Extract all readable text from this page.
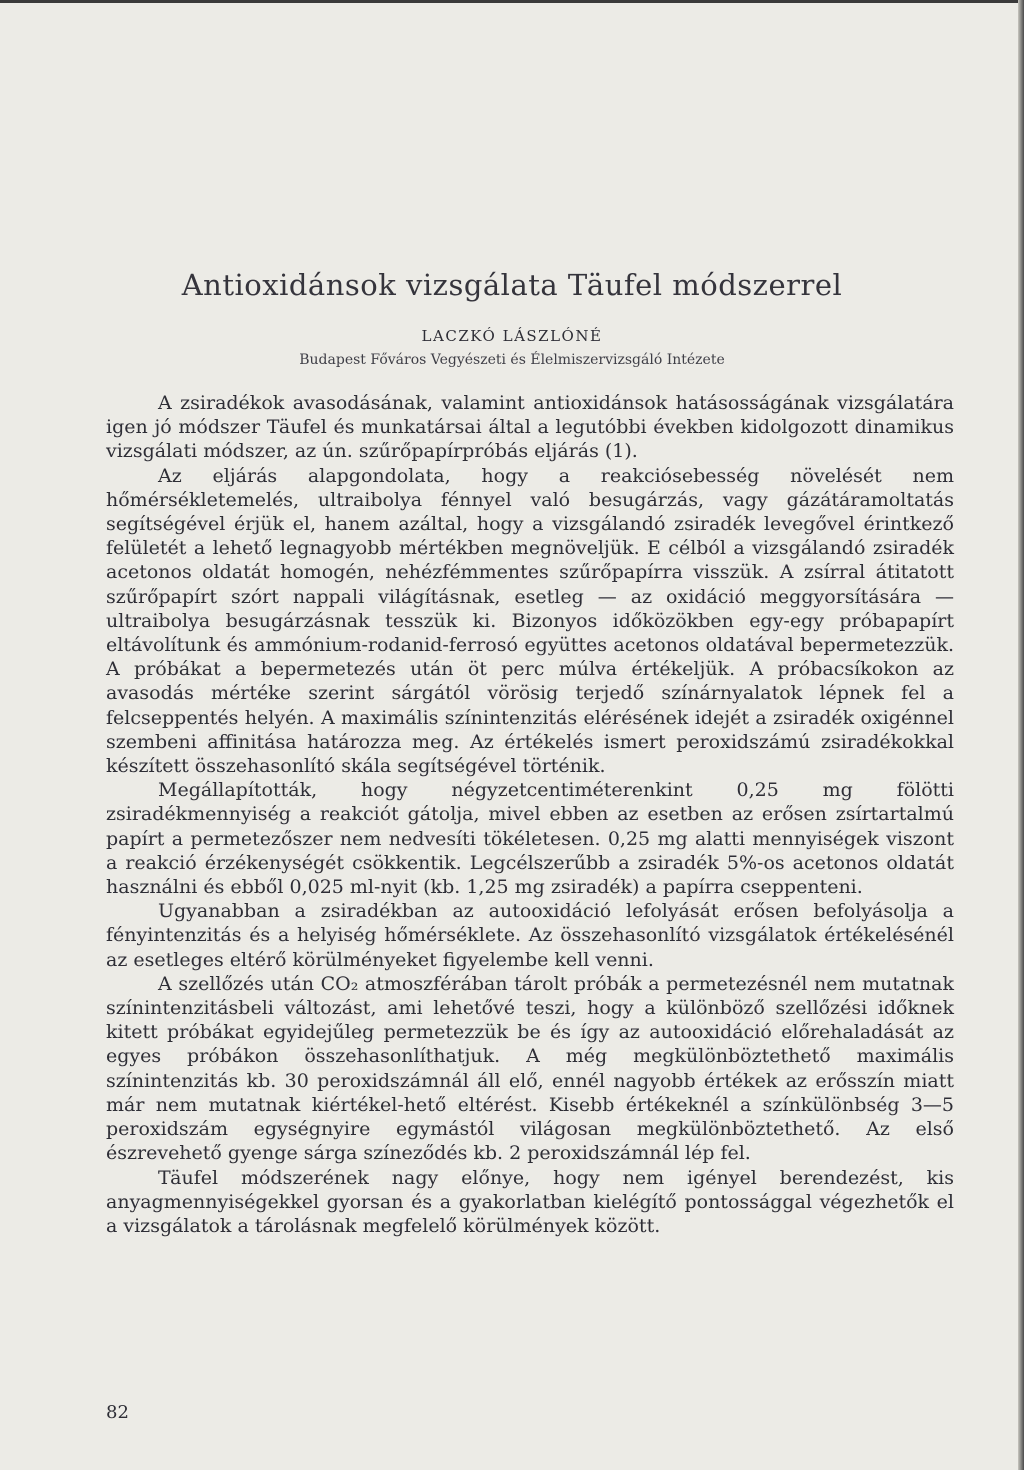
Antioxidánsok vizsgálata Täufel módszerrel

LACZKÓ LÁSZLÓNÉ

Budapest Főváros Vegyészeti és Élelmiszervizsgáló Intézete

A zsiradékok avasodásának, valamint antioxidánsok hatásosságának vizsgálatára igen jó módszer Täufel és munkatársai által a legutóbbi években kidolgozott dinamikus vizsgálati módszer, az ún. szűrőpapírpróbás eljárás (1).

Az eljárás alapgondolata, hogy a reakciósebesség növelését nem hőmérsékletemelés, ultraibolya fénnyel való besugárzás, vagy gázátáramoltatás segítségével érjük el, hanem azáltal, hogy a vizsgálandó zsiradék levegővel érintkező felületét a lehető legnagyobb mértékben megnöveljük. E célból a vizsgálandó zsiradék acetonos oldatát homogén, nehézfémmentes szűrőpapírra visszük. A zsírral átitatott szűrőpapírt szórt nappali világításnak, esetleg — az oxidáció meggyorsítására — ultraibolya besugárzásnak tesszük ki. Bizonyos időközökben egy-egy próbapapírt eltávolítunk és ammónium-rodanid-ferrosó együttes acetonos oldatával bepermetezzük. A próbákat a bepermetezés után öt perc múlva értékeljük. A próbacsíkokon az avasodás mértéke szerint sárgától vörösig terjedő színárnyalatok lépnek fel a felcseppentés helyén. A maximális színintenzitás elérésének idejét a zsiradék oxigénnel szembeni affinitása határozza meg. Az értékelés ismert peroxidszámú zsiradékokkal készített összehasonlító skála segítségével történik.

Megállapították, hogy négyzetcentiméterenkint 0,25 mg fölötti zsiradékmennyiség a reakciót gátolja, mivel ebben az esetben az erősen zsírtartalmú papírt a permetezőszer nem nedvesíti tökéletesen. 0,25 mg alatti mennyiségek viszont a reakció érzékenységét csökkentik. Legcélszerűbb a zsiradék 5%-os acetonos oldatát használni és ebből 0,025 ml-nyit (kb. 1,25 mg zsiradék) a papírra cseppenteni.

Ugyanabban a zsiradékban az autooxidáció lefolyását erősen befolyásolja a fényintenzitás és a helyiség hőmérséklete. Az összehasonlító vizsgálatok értékelésénél az esetleges eltérő körülményeket figyelembe kell venni.

A szellőzés után CO₂ atmoszférában tárolt próbák a permetezésnél nem mutatnak színintenzitásbeli változást, ami lehetővé teszi, hogy a különböző szellőzési időknek kitett próbákat egyidejűleg permetezzük be és így az autooxidáció előrehaladását az egyes próbákon összehasonlíthatjuk. A még megkülönböztethető maximális színintenzitás kb. 30 peroxidszámnál áll elő, ennél nagyobb értékek az erősszín miatt már nem mutatnak kiértékel-hető eltérést. Kisebb értékeknél a színkülönbség 3—5 peroxidszám egységnyire egymástól világosan megkülönböztethető. Az első észrevehető gyenge sárga színeződés kb. 2 peroxidszámnál lép fel.

Täufel módszerének nagy előnye, hogy nem igényel berendezést, kis anyagmennyiségekkel gyorsan és a gyakorlatban kielégítő pontossággal végezhetők el a vizsgálatok a tárolásnak megfelelő körülmények között.

82
